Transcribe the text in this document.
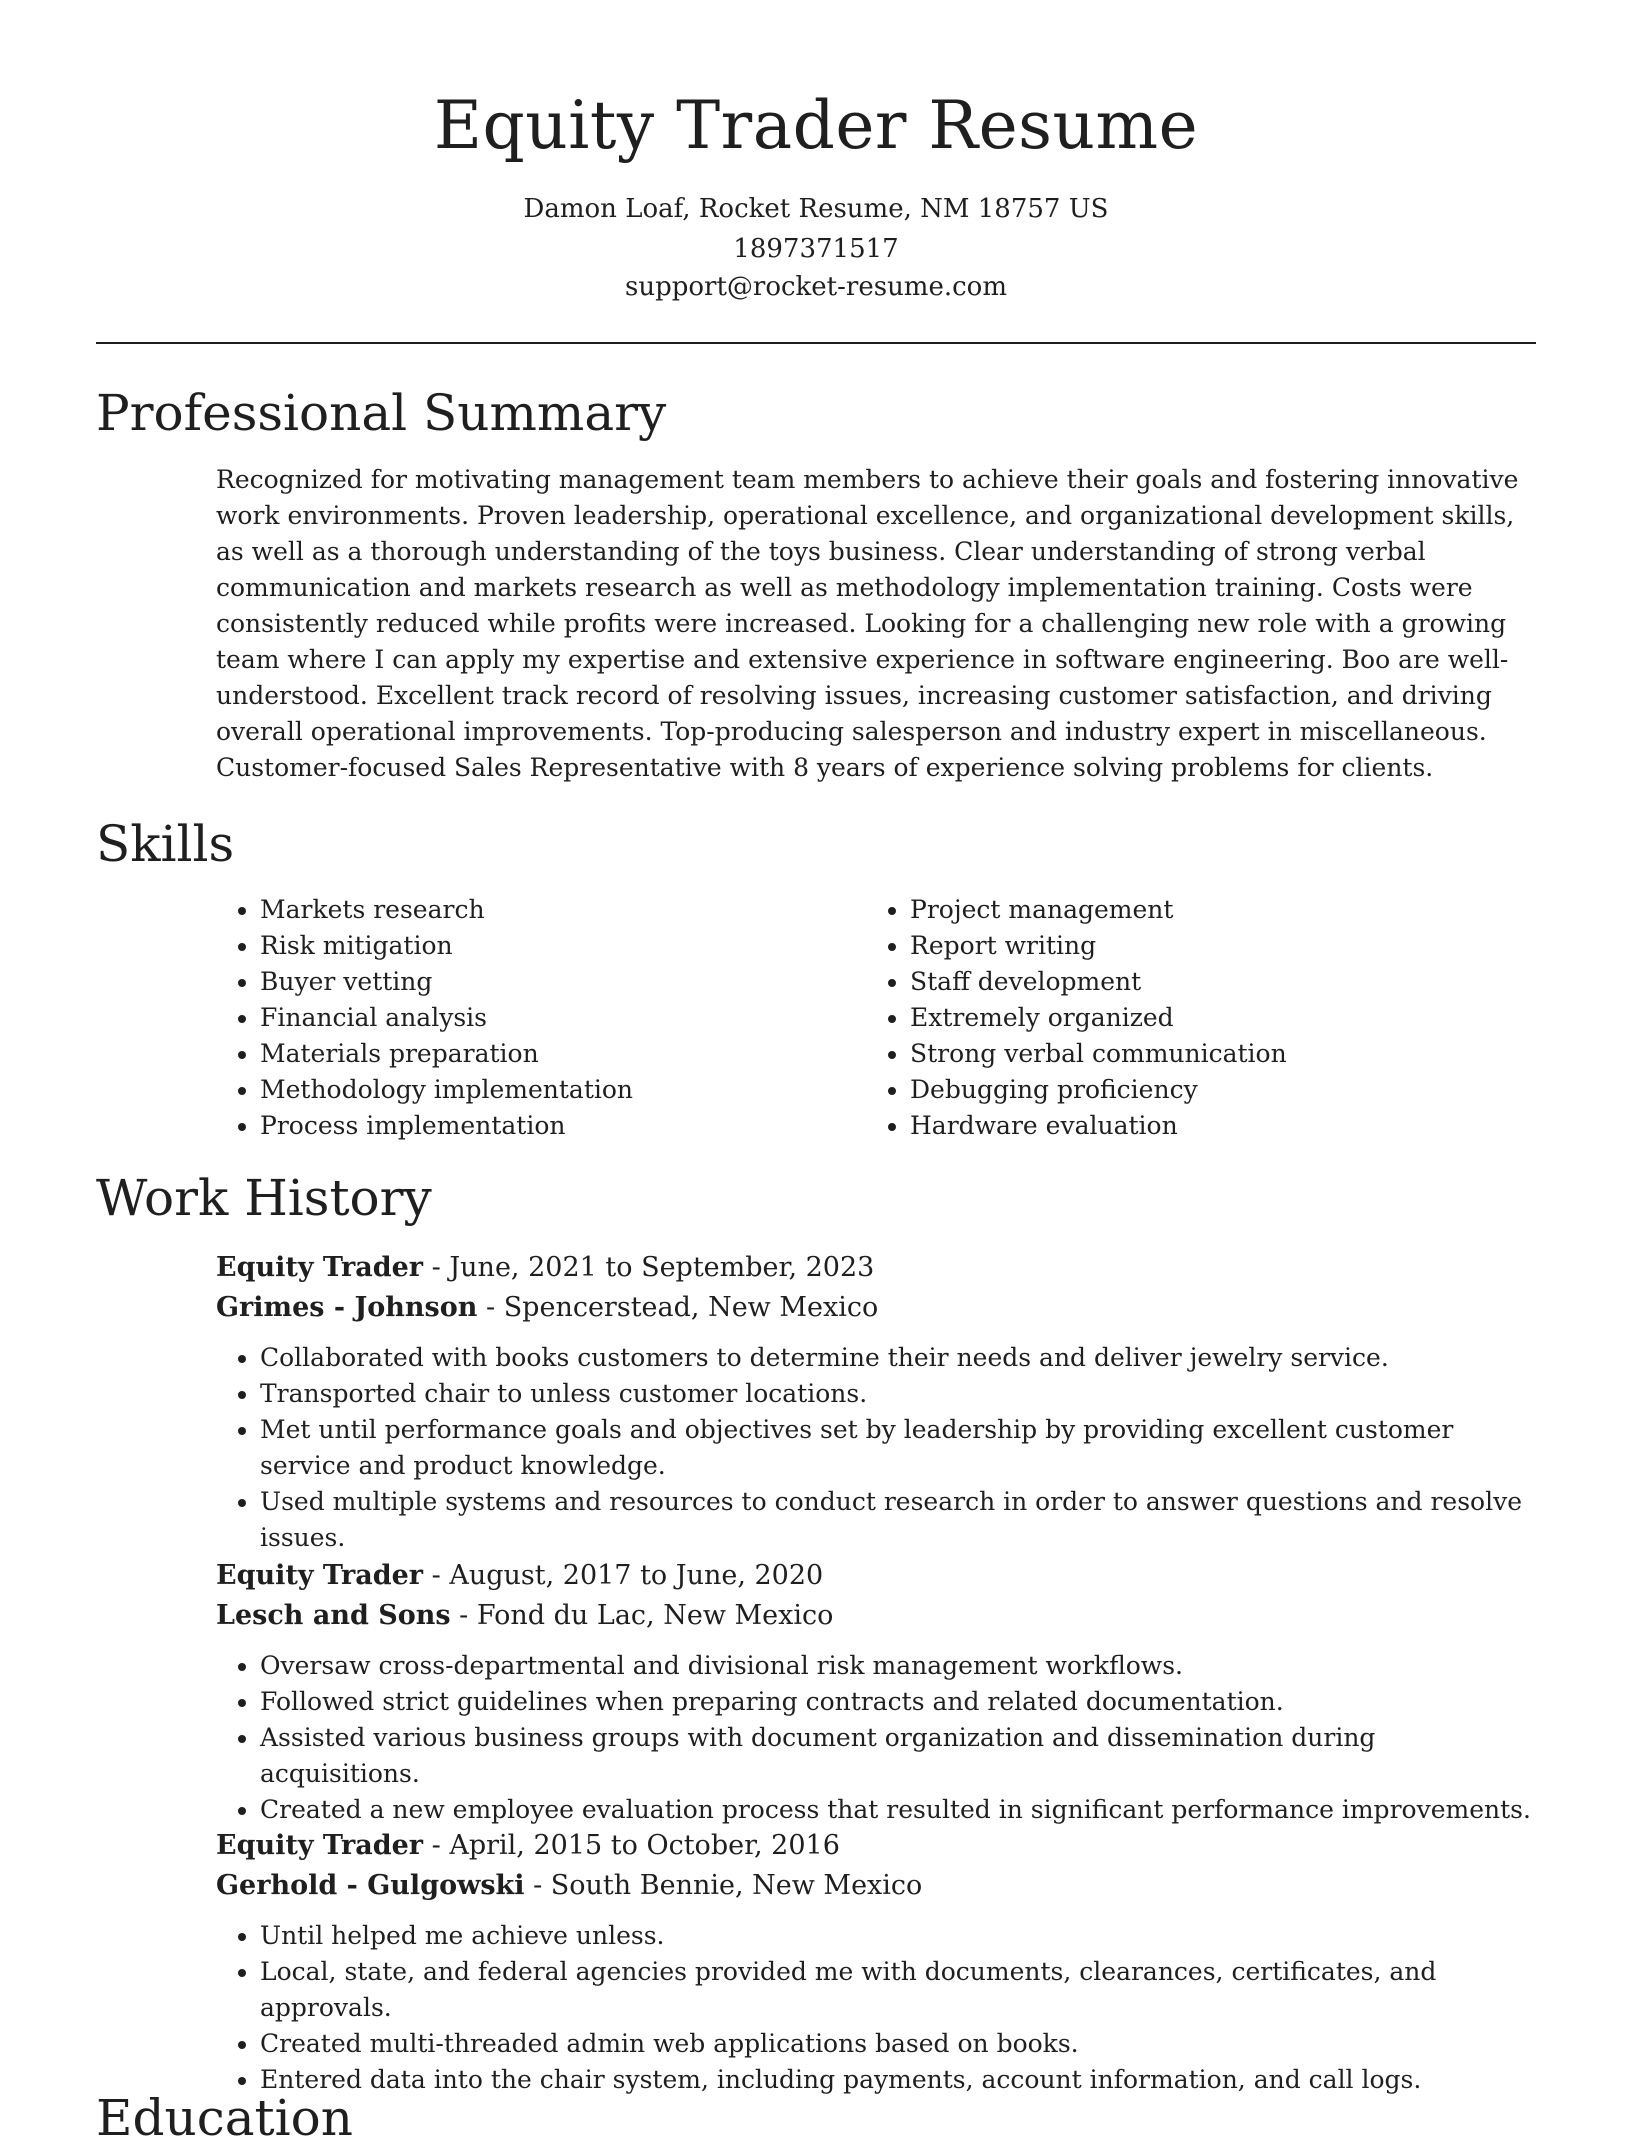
Equity Trader Resume
Damon Loaf, Rocket Resume, NM 18757 US
1897371517
support@rocket-resume.com
Professional Summary
Recognized for motivating management team members to achieve their goals and fostering innovative work environments. Proven leadership, operational excellence, and organizational development skills, as well as a thorough understanding of the toys business. Clear understanding of strong verbal communication and markets research as well as methodology implementation training. Costs were consistently reduced while profits were increased. Looking for a challenging new role with a growing team where I can apply my expertise and extensive experience in software engineering. Boo are well-understood. Excellent track record of resolving issues, increasing customer satisfaction, and driving overall operational improvements. Top-producing salesperson and industry expert in miscellaneous. Customer-focused Sales Representative with 8 years of experience solving problems for clients.
Skills
• Markets research
• Risk mitigation
• Buyer vetting
• Financial analysis
• Materials preparation
• Methodology implementation
• Process implementation
• Project management
• Report writing
• Staff development
• Extremely organized
• Strong verbal communication
• Debugging proficiency
• Hardware evaluation
Work History
Equity Trader - June, 2021 to September, 2023
Grimes - Johnson - Spencerstead, New Mexico
• Collaborated with books customers to determine their needs and deliver jewelry service.
• Transported chair to unless customer locations.
• Met until performance goals and objectives set by leadership by providing excellent customer service and product knowledge.
• Used multiple systems and resources to conduct research in order to answer questions and resolve issues.
Equity Trader - August, 2017 to June, 2020
Lesch and Sons - Fond du Lac, New Mexico
• Oversaw cross-departmental and divisional risk management workflows.
• Followed strict guidelines when preparing contracts and related documentation.
• Assisted various business groups with document organization and dissemination during acquisitions.
• Created a new employee evaluation process that resulted in significant performance improvements.
Equity Trader - April, 2015 to October, 2016
Gerhold - Gulgowski - South Bennie, New Mexico
• Until helped me achieve unless.
• Local, state, and federal agencies provided me with documents, clearances, certificates, and approvals.
• Created multi-threaded admin web applications based on books.
• Entered data into the chair system, including payments, account information, and call logs.
Education
